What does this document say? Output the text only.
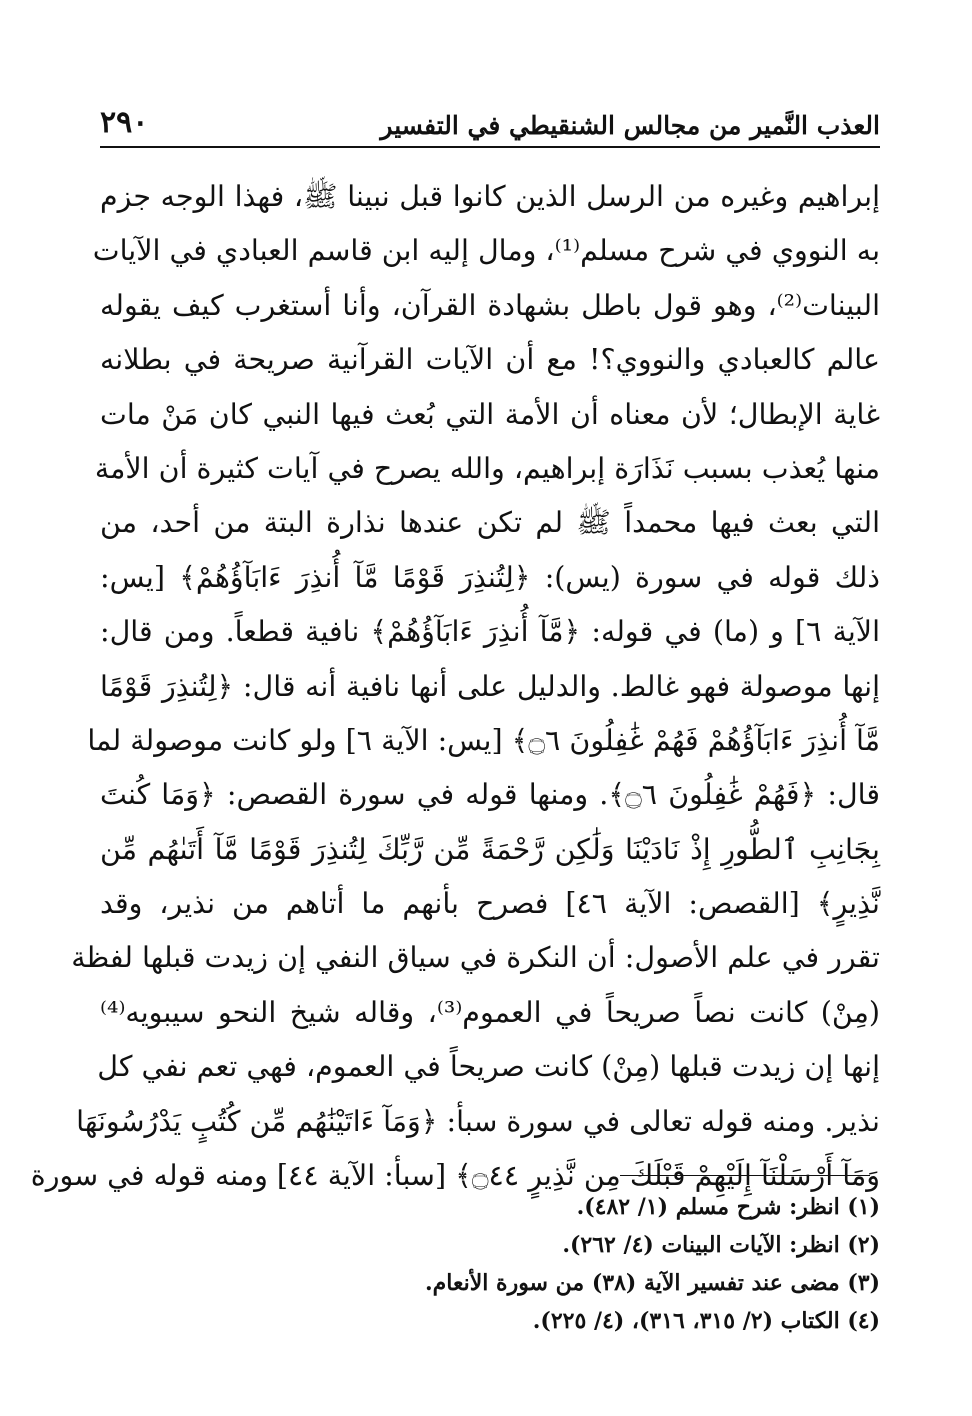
٢٩٠	العذب النَّمير من مجالس الشنقيطي في التفسير
إبراهيم وغيره من الرسل الذين كانوا قبل نبينا ﷺ، فهذا الوجه جزم
به النووي في شرح مسلم⁽¹⁾، ومال إليه ابن قاسم العبادي في الآيات
البينات⁽²⁾، وهو قول باطل بشهادة القرآن، وأنا أستغرب كيف يقوله
عالم كالعبادي والنووي؟! مع أن الآيات القرآنية صريحة في بطلانه
غاية الإبطال؛ لأن معناه أن الأمة التي بُعث فيها النبي كان مَنْ مات
منها يُعذب بسبب نَذَارَة إبراهيم، والله يصرح في آيات كثيرة أن الأمة
التي بعث فيها محمداً ﷺ لم تكن عندها نذارة البتة من أحد، من
ذلك قوله في سورة (يس): ﴿لِتُنذِرَ قَوْمًا مَّآ أُنذِرَ ءَابَآؤُهُمْ﴾ [يس:
الآية ٦] و (ما) في قوله: ﴿مَّآ أُنذِرَ ءَابَآؤُهُمْ﴾ نافية قطعاً. ومن قال:
إنها موصولة فهو غالط. والدليل على أنها نافية أنه قال: ﴿لِتُنذِرَ قَوْمًا
مَّآ أُنذِرَ ءَابَآؤُهُمْ فَهُمْ غَٰفِلُونَ ۝٦﴾ [يس: الآية ٦] ولو كانت موصولة لما
قال: ﴿فَهُمْ غَٰفِلُونَ ۝٦﴾. ومنها قوله في سورة القصص: ﴿وَمَا كُنتَ
بِجَانِبِ ٱلطُّورِ إِذْ نَادَيْنَا وَلَٰكِن رَّحْمَةً مِّن رَّبِّكَ لِتُنذِرَ قَوْمًا مَّآ أَتَىٰهُم مِّن
نَّذِيرٍ﴾ [القصص: الآية ٤٦] فصرح بأنهم ما أتاهم من نذير، وقد
تقرر في علم الأصول: أن النكرة في سياق النفي إن زيدت قبلها لفظة
(مِنْ) كانت نصاً صريحاً في العموم⁽³⁾، وقاله شيخ النحو سيبويه⁽⁴⁾
إنها إن زيدت قبلها (مِنْ) كانت صريحاً في العموم، فهي تعم نفي كل
نذير. ومنه قوله تعالى في سورة سبأ: ﴿وَمَآ ءَاتَيْنَٰهُم مِّن كُتُبٍ يَدْرُسُونَهَا
وَمَآ أَرْسَلْنَآ إِلَيْهِمْ قَبْلَكَ مِن نَّذِيرٍ ۝٤٤﴾ [سبأ: الآية ٤٤] ومنه قوله في سورة
(١) انظر: شرح مسلم (١/ ٤٨٢).
(٢) انظر: الآيات البينات (٤/ ٢٦٢).
(٣) مضى عند تفسير الآية (٣٨) من سورة الأنعام.
(٤) الكتاب (٢/ ٣١٥، ٣١٦)، (٤/ ٢٢٥).
